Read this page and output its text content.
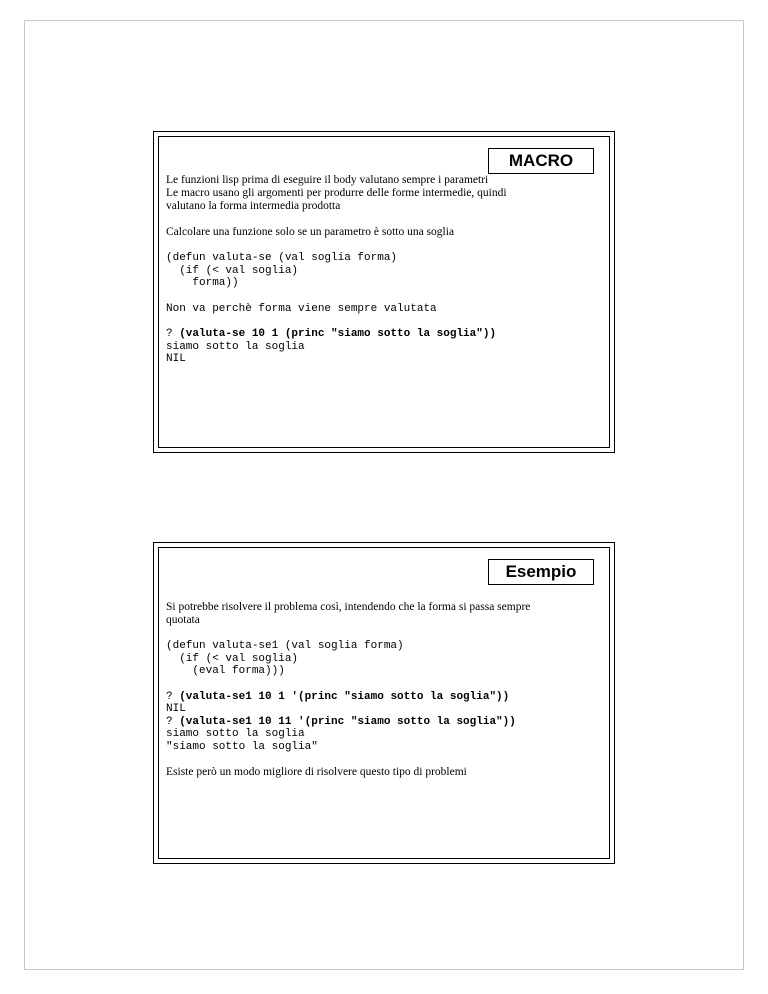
MACRO

Le funzioni lisp prima di eseguire il body valutano sempre i parametri

Le macro usano gli argomenti per produrre delle forme intermedie, quindi

valutano la forma intermedia prodotta

Calcolare una funzione solo se un parametro è sotto una soglia

(defun valuta-se (val soglia forma)

(if (< val soglia)

forma))

Non va perchè forma viene sempre valutata

? (valuta-se 10 1 (princ "siamo sotto la soglia"))

siamo sotto la soglia

NIL

Esempio

Si potrebbe risolvere il problema così, intendendo che la forma si passa sempre

quotata

(defun valuta-se1 (val soglia forma)

(if (< val soglia)

(eval forma)))

? (valuta-se1 10 1 '(princ "siamo sotto la soglia"))

NIL

? (valuta-se1 10 11 '(princ "siamo sotto la soglia"))

siamo sotto la soglia

"siamo sotto la soglia"

Esiste però un modo migliore di risolvere questo tipo di problemi
